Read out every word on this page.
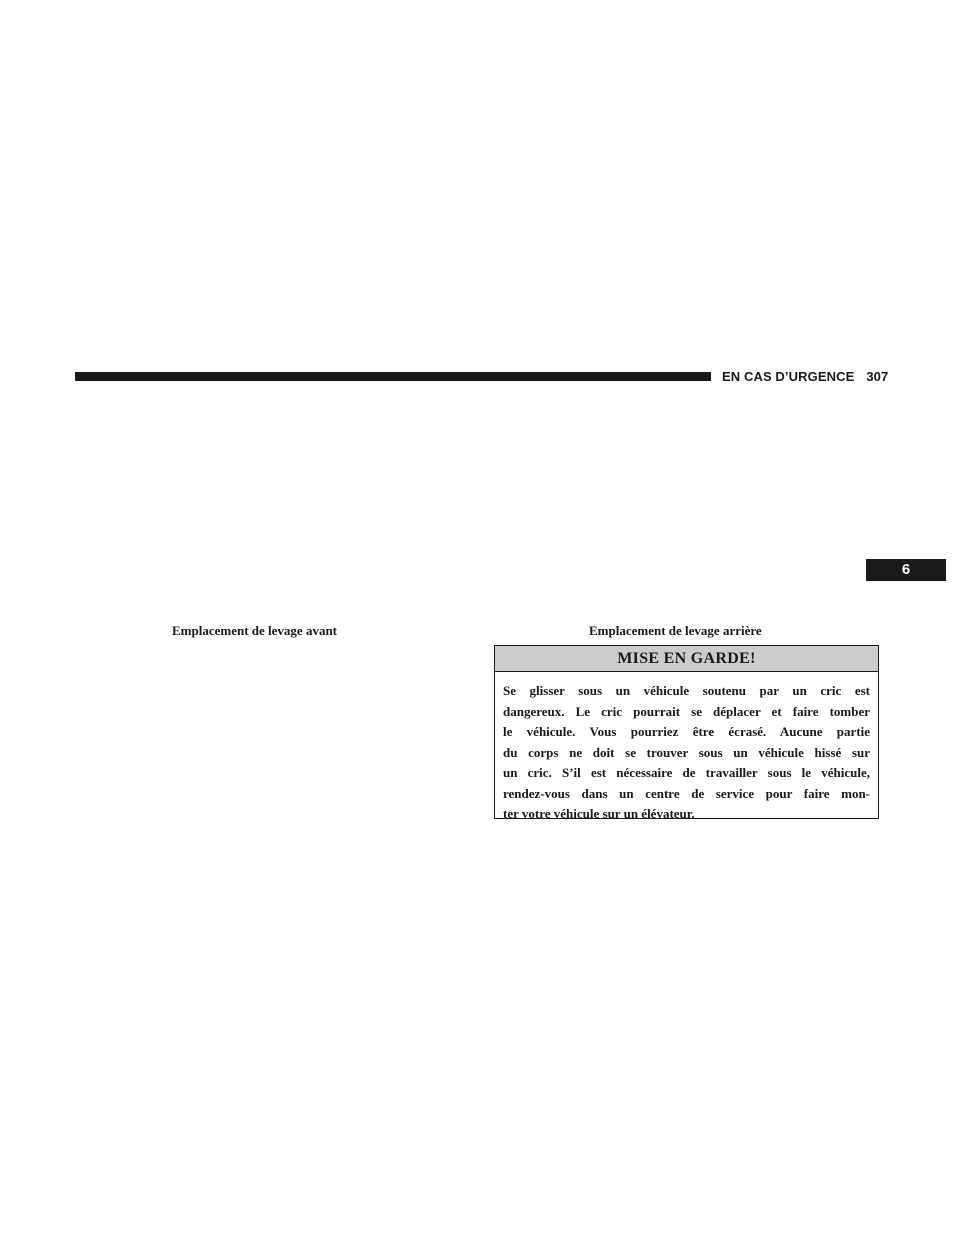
EN CAS D’URGENCE 307
6
Emplacement de levage avant	Emplacement de levage arrière
MISE EN GARDE!
Se glisser sous un véhicule soutenu par un cric est
dangereux. Le cric pourrait se déplacer et faire tomber
le véhicule. Vous pourriez être écrasé. Aucune partie
du corps ne doit se trouver sous un véhicule hissé sur
un cric. S’il est nécessaire de travailler sous le véhicule,
rendez-vous dans un centre de service pour faire mon-
ter votre véhicule sur un élévateur.
